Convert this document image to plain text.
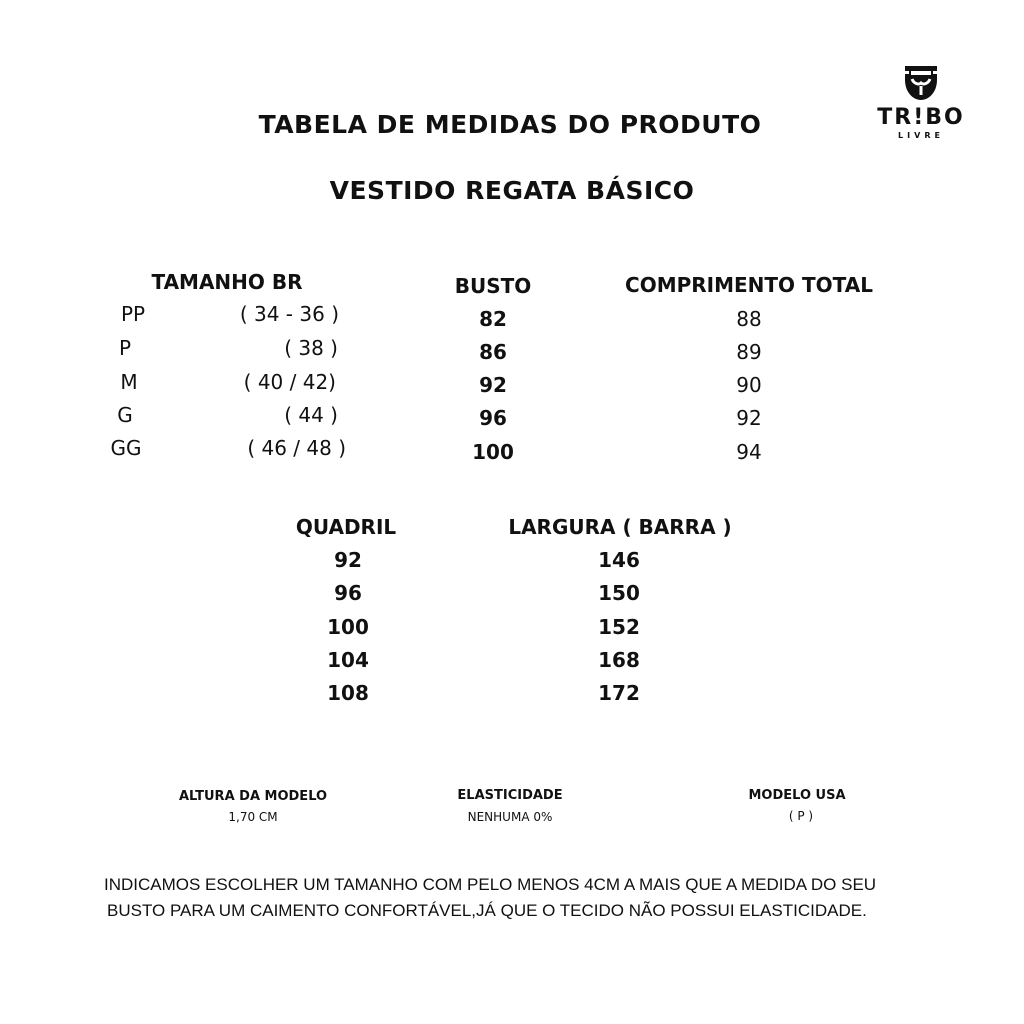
TR!BO
LIVRE
TABELA DE MEDIDAS DO PRODUTO
VESTIDO REGATA BÁSICO
TAMANHO BR	BUSTO	COMPRIMENTO TOTAL
PP	( 34 - 36 )	82	88
P	( 38 )	86	89
M	( 40 / 42)	92	90
G	( 44 )	96	92
GG	( 46 / 48 )	100	94
QUADRIL	LARGURA ( BARRA )
92	146
96	150
100	152
104	168
108	172
ALTURA DA MODELO
1,70 CM
ELASTICIDADE
NENHUMA 0%
MODELO USA
( P )
INDICAMOS ESCOLHER UM TAMANHO COM PELO MENOS 4CM A MAIS QUE A MEDIDA DO SEU
BUSTO PARA UM CAIMENTO CONFORTÁVEL,JÁ QUE O TECIDO NÃO POSSUI ELASTICIDADE.
